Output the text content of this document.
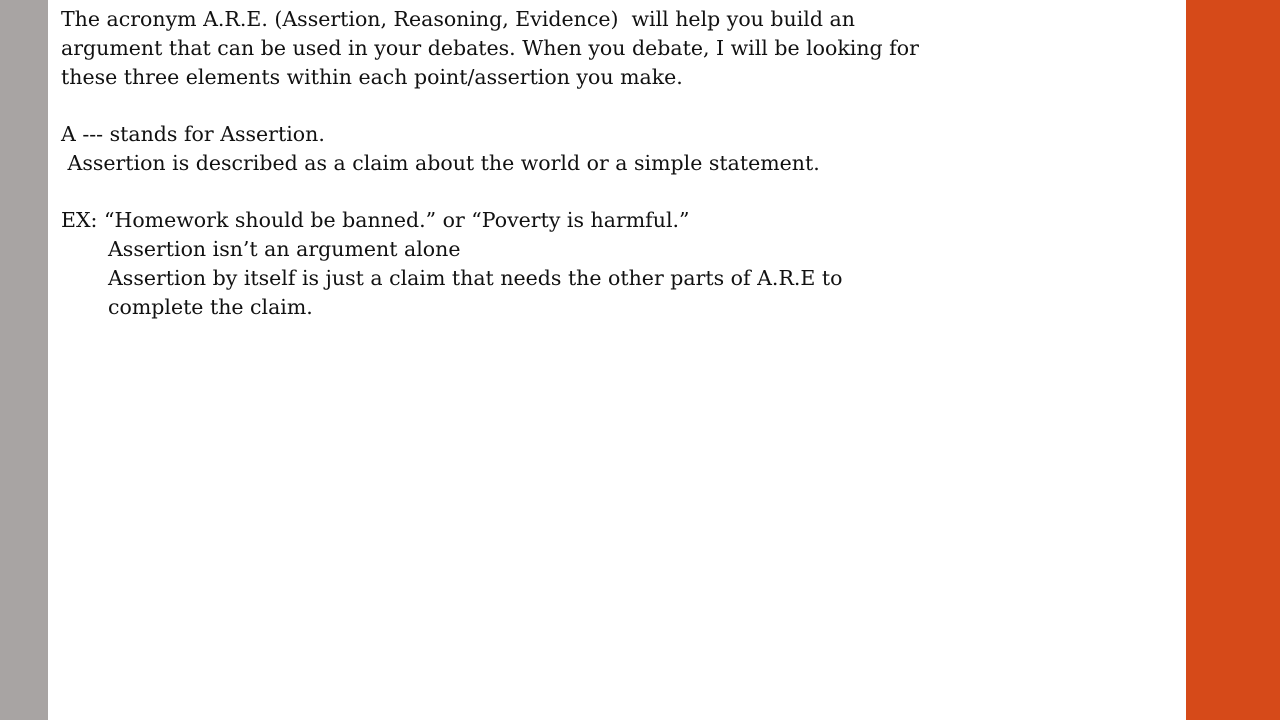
The acronym A.R.E. (Assertion, Reasoning, Evidence)  will help you build an
argument that can be used in your debates. When you debate, I will be looking for
these three elements within each point/assertion you make.
A --- stands for Assertion.
Assertion is described as a claim about the world or a simple statement.
EX: “Homework should be banned.” or “Poverty is harmful.”
Assertion isn’t an argument alone
Assertion by itself is just a claim that needs the other parts of A.R.E to
complete the claim.
